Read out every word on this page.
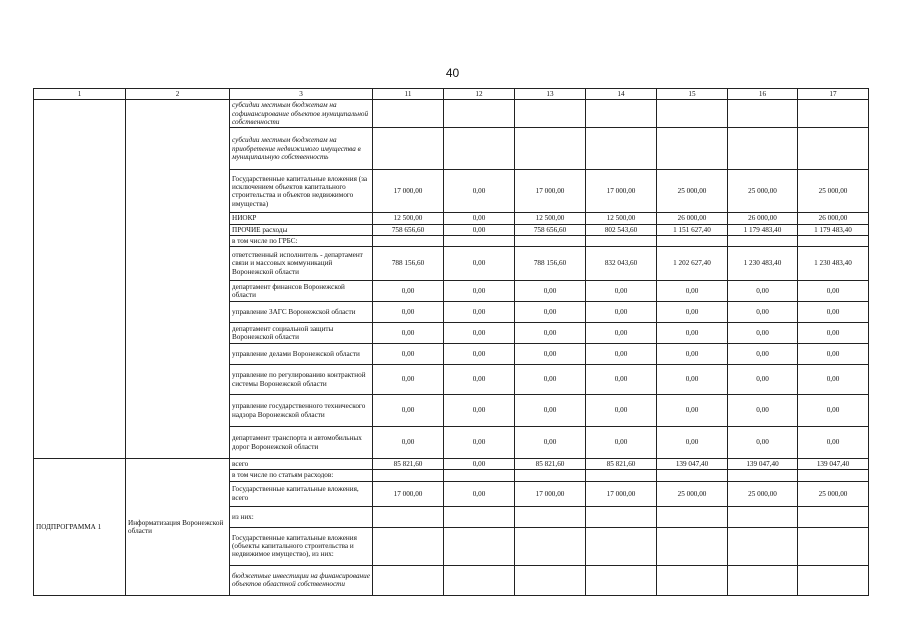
40
1	2	3	11	12	13	14	15	16	17
		субсидии местным бюджетам на софинансирование объектов муниципальной собственности							
		субсидии местным бюджетам на приобретение недвижимого имущества в муниципальную собственность							
		Государственные капитальные вложения (за исключением объектов капитального строительства и объектов недвижимого имущества)	17 000,00	0,00	17 000,00	17 000,00	25 000,00	25 000,00	25 000,00
		НИОКР	12 500,00	0,00	12 500,00	12 500,00	26 000,00	26 000,00	26 000,00
		ПРОЧИЕ расходы	758 656,60	0,00	758 656,60	802 543,60	1 151 627,40	1 179 483,40	1 179 483,40
		в том числе по ГРБС:							
		ответственный исполнитель - департамент связи и массовых коммуникаций Воронежской области	788 156,60	0,00	788 156,60	832 043,60	1 202 627,40	1 230 483,40	1 230 483,40
		департамент финансов Воронежской области	0,00	0,00	0,00	0,00	0,00	0,00	0,00
		управление ЗАГС Воронежской области	0,00	0,00	0,00	0,00	0,00	0,00	0,00
		департамент социальной защиты Воронежской области	0,00	0,00	0,00	0,00	0,00	0,00	0,00
		управление делами Воронежской области	0,00	0,00	0,00	0,00	0,00	0,00	0,00
		управление по регулированию контрактной системы Воронежской области	0,00	0,00	0,00	0,00	0,00	0,00	0,00
		управление государственного технического надзора Воронежской области	0,00	0,00	0,00	0,00	0,00	0,00	0,00
		департамент транспорта и автомобильных дорог Воронежской области	0,00	0,00	0,00	0,00	0,00	0,00	0,00
ПОДПРОГРАММА 1	Информатизация Воронежской области	всего	85 821,60	0,00	85 821,60	85 821,60	139 047,40	139 047,40	139 047,40
		в том числе по статьям расходов:							
		Государственные капитальные вложения, всего	17 000,00	0,00	17 000,00	17 000,00	25 000,00	25 000,00	25 000,00
		из них:							
		Государственные капитальные вложения (объекты капитального строительства и недвижимое имущество), из них:							
		бюджетные инвестиции на финансирование объектов областной собственности							
